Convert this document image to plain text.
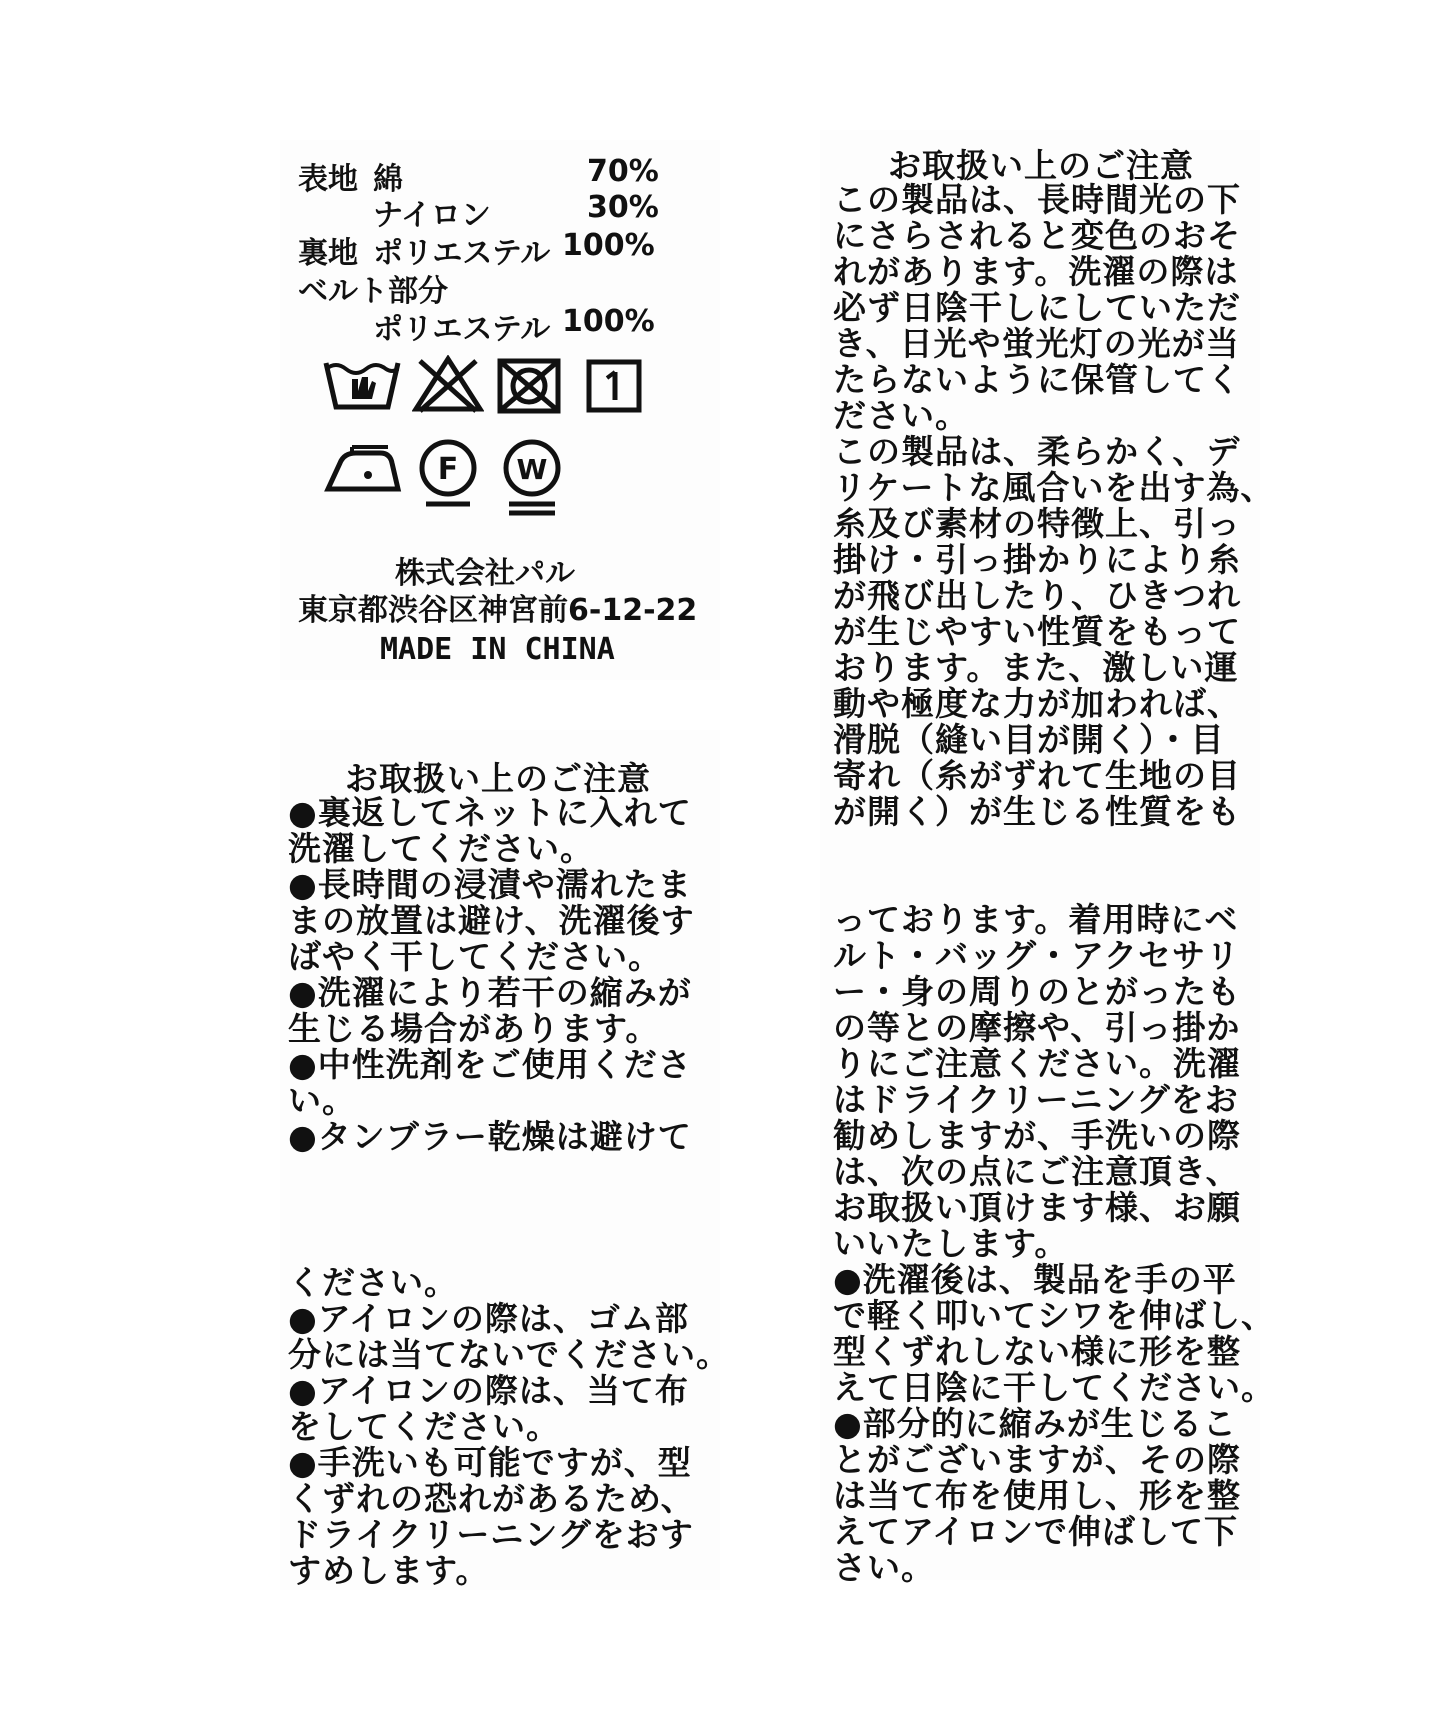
表地 綿	70%
ナイロン	30%
裏地 ポリエステル 100%
ベルト部分
ポリエステル 100%
F W
株式会社パル
東京都渋谷区神宮前6-12-22
MADE IN CHINA
お取扱い上のご注意
●裏返してネットに入れて
洗濯してください。
●長時間の浸漬や濡れたま
まの放置は避け、洗濯後す
ばやく干してください。
●洗濯により若干の縮みが
生じる場合があります。
●中性洗剤をご使用くださ
い。
●タンブラー乾燥は避けて
ください。
●アイロンの際は、ゴム部
分には当てないでください。
●アイロンの際は、当て布
をしてください。
●手洗いも可能ですが、型
くずれの恐れがあるため、
ドライクリーニングをおす
すめします。
お取扱い上のご注意
この製品は、長時間光の下
にさらされると変色のおそ
れがあります。洗濯の際は
必ず日陰干しにしていただ
き、日光や蛍光灯の光が当
たらないように保管してく
ださい。
この製品は、柔らかく、デ
リケートな風合いを出す為、
糸及び素材の特徴上、引っ
掛け・引っ掛かりにより糸
が飛び出したり、ひきつれ
が生じやすい性質をもって
おります。また、激しい運
動や極度な力が加われば、
滑脱（縫い目が開く）・目
寄れ（糸がずれて生地の目
が開く）が生じる性質をも
っております。着用時にベ
ルト・バッグ・アクセサリ
ー・身の周りのとがったも
の等との摩擦や、引っ掛か
りにご注意ください。洗濯
はドライクリーニングをお
勧めしますが、手洗いの際
は、次の点にご注意頂き、
お取扱い頂けます様、お願
いいたします。
●洗濯後は、製品を手の平
で軽く叩いてシワを伸ばし、
型くずれしない様に形を整
えて日陰に干してください。
●部分的に縮みが生じるこ
とがございますが、その際
は当て布を使用し、形を整
えてアイロンで伸ばして下
さい。
